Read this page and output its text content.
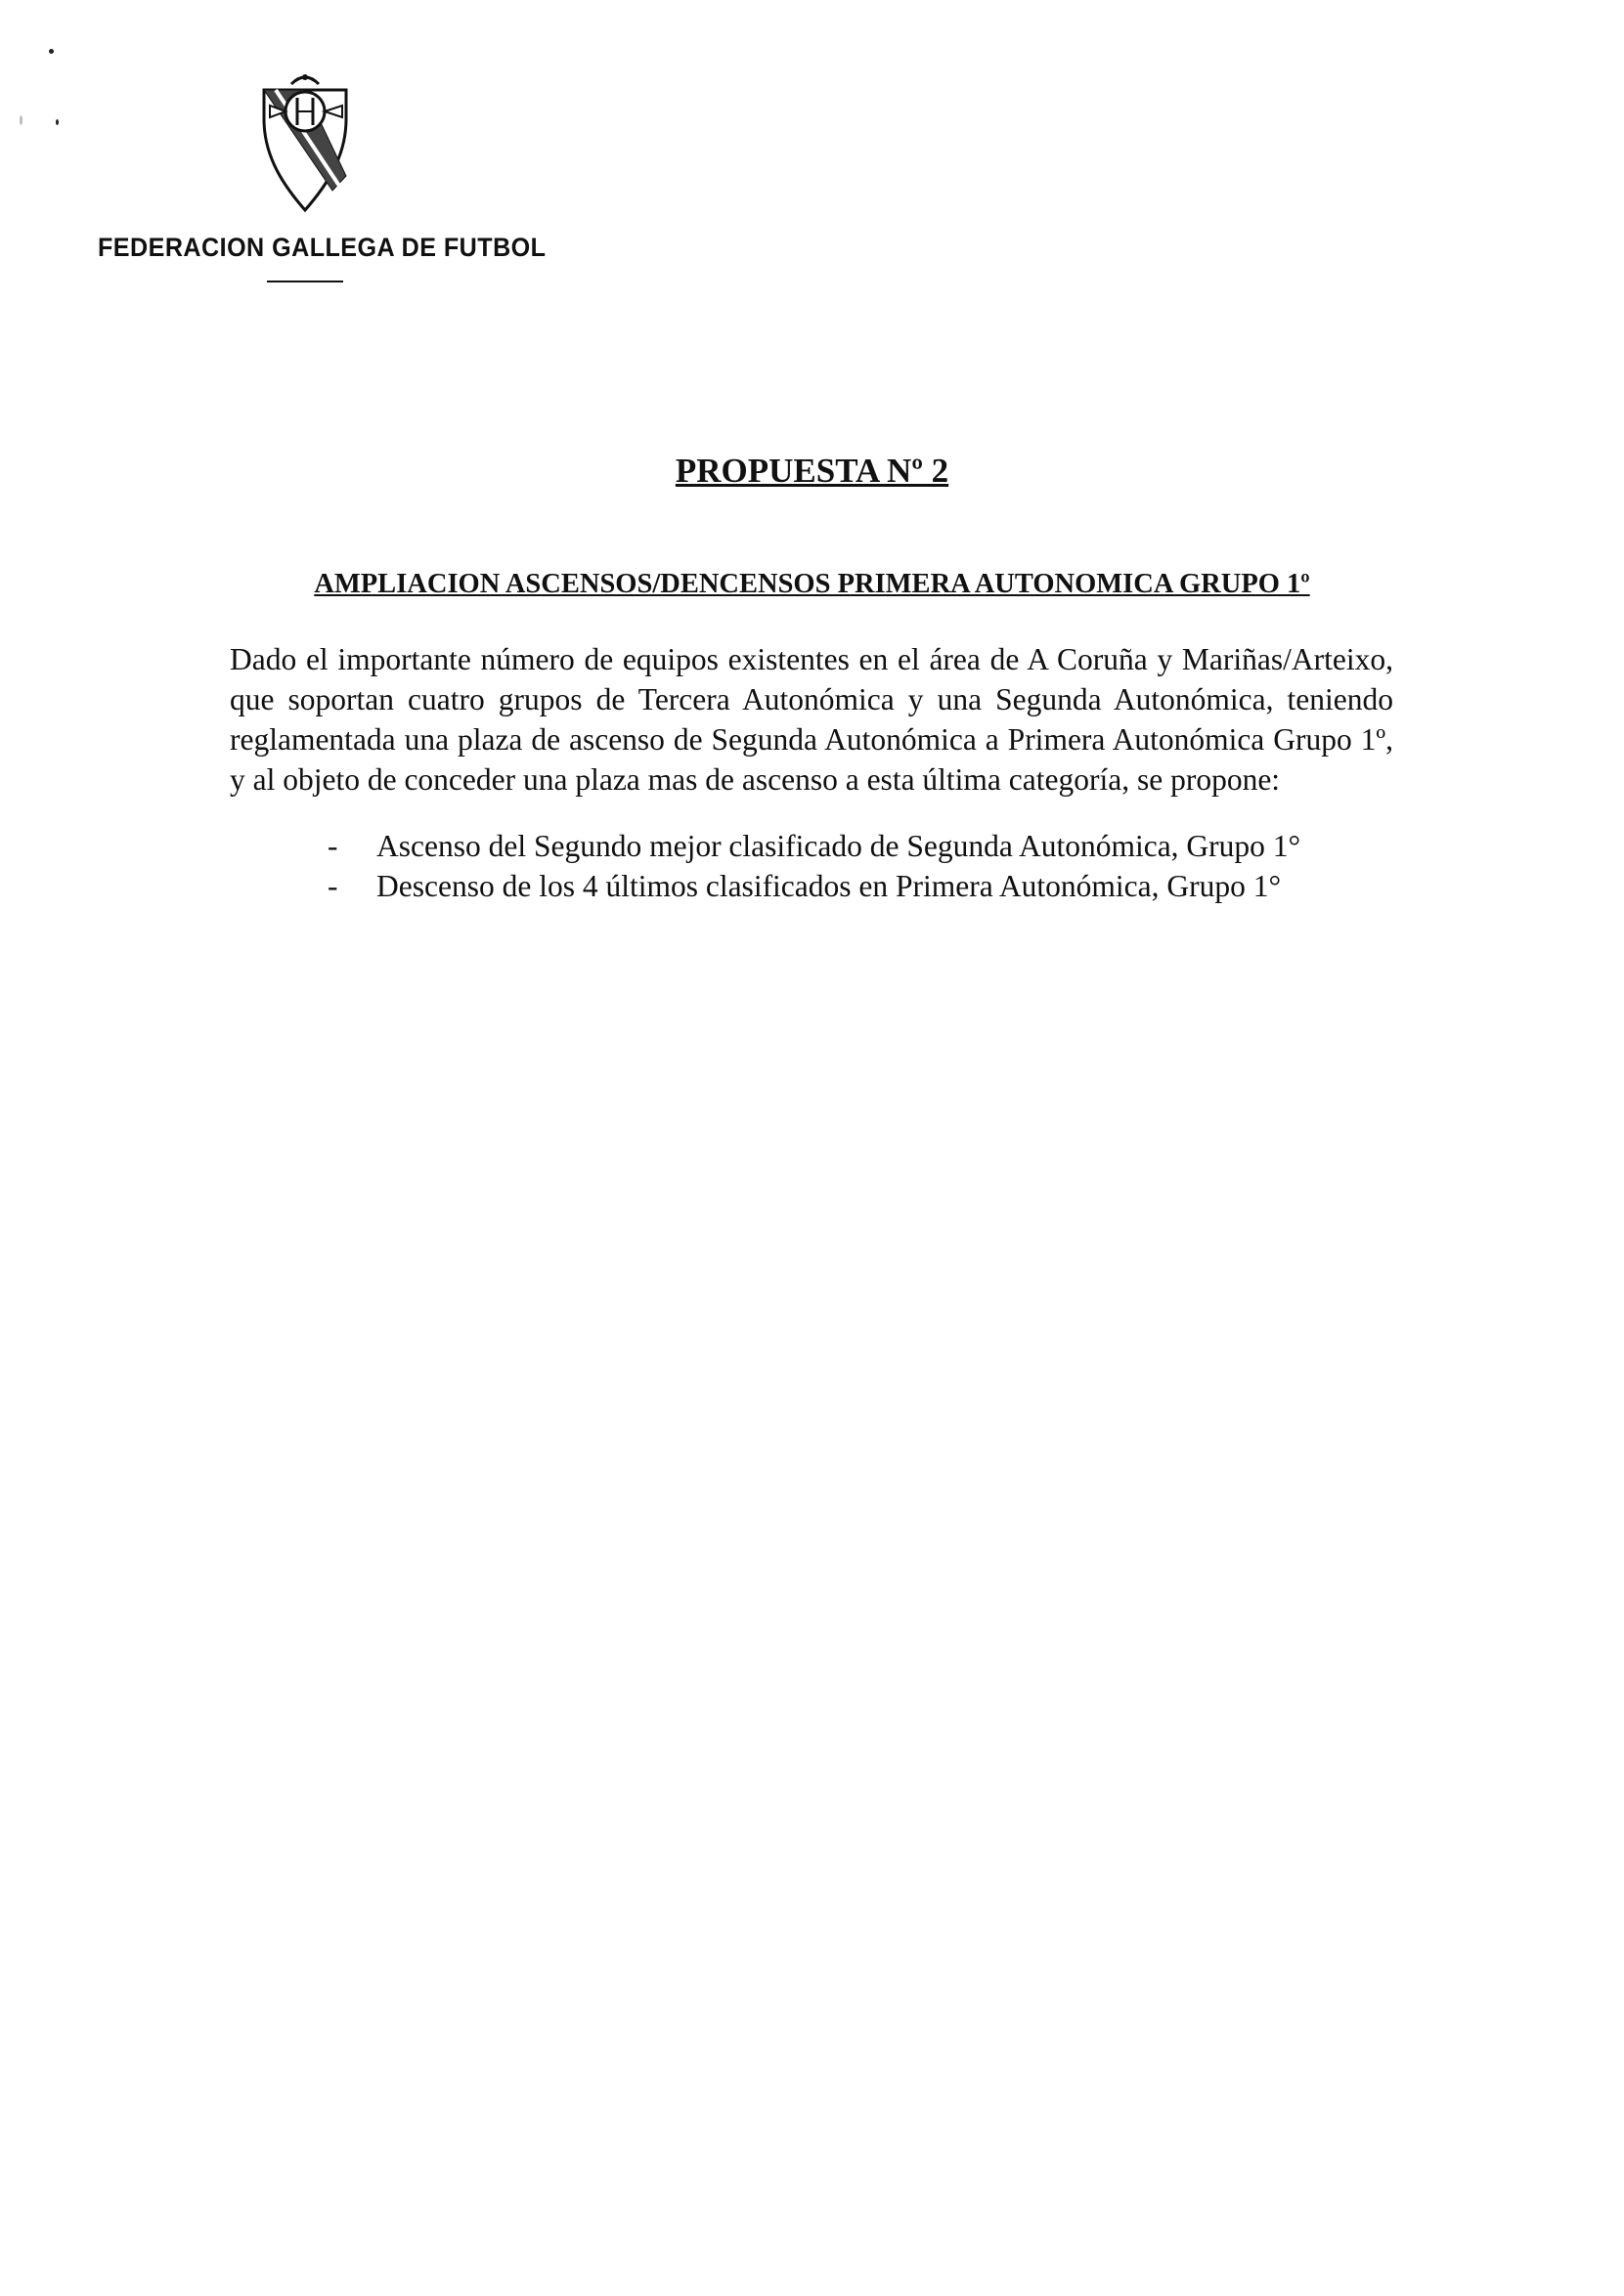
FEDERACION GALLEGA DE FUTBOL

PROPUESTA Nº 2
AMPLIACION ASCENSOS/DENCENSOS PRIMERA AUTONOMICA GRUPO 1º

Dado el importante número de equipos existentes en el área de A Coruña y Mariñas/Arteixo, que soportan cuatro grupos de Tercera Autonómica y una Segunda Autonómica, teniendo reglamentada una plaza de ascenso de Segunda Autonómica a Primera Autonómica Grupo 1º, y al objeto de conceder una plaza mas de ascenso a esta última categoría, se propone:

- Ascenso del Segundo mejor clasificado de Segunda Autonómica, Grupo 1°
- Descenso de los 4 últimos clasificados en Primera Autonómica, Grupo 1°
